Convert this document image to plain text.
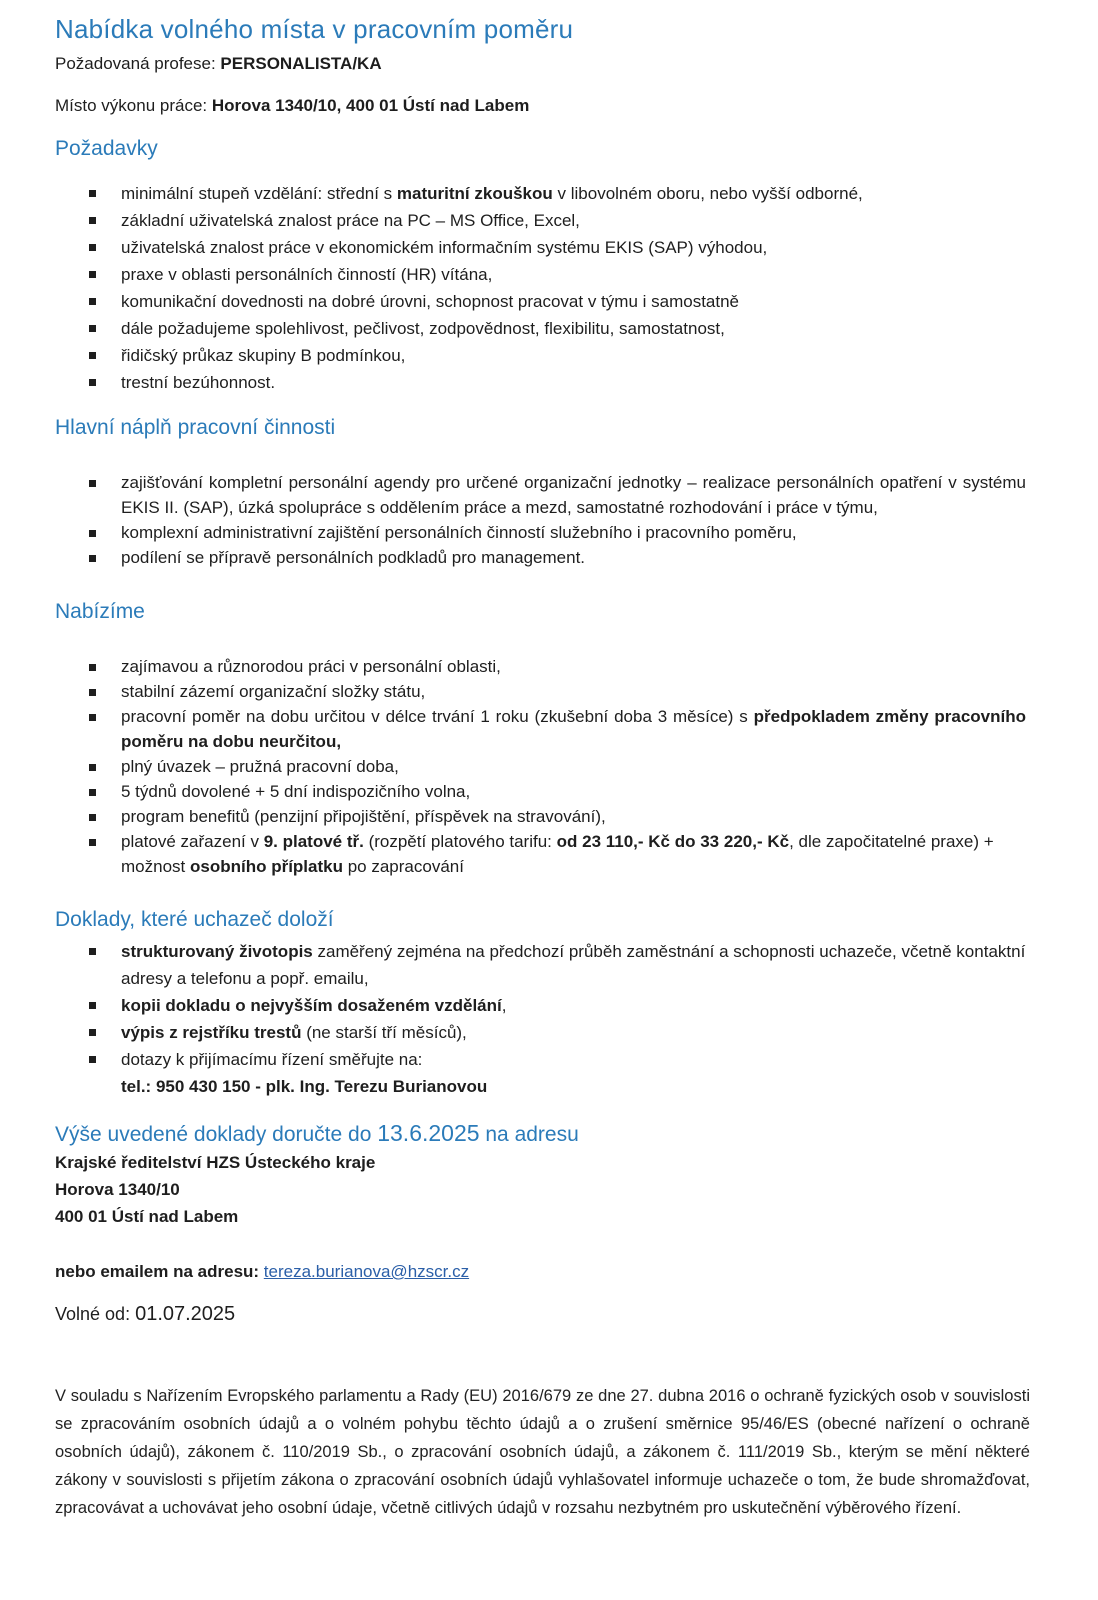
Nabídka volného místa v pracovním poměru
Požadovaná profese: PERSONALISTA/KA
Místo výkonu práce: Horova 1340/10, 400 01 Ústí nad Labem
Požadavky
minimální stupeň vzdělání: střední s maturitní zkouškou v libovolném oboru, nebo vyšší odborné,
základní uživatelská znalost práce na PC – MS Office, Excel,
uživatelská znalost práce v ekonomickém informačním systému EKIS (SAP) výhodou,
praxe v oblasti personálních činností (HR) vítána,
komunikační dovednosti na dobré úrovni, schopnost pracovat v týmu i samostatně
dále požadujeme spolehlivost, pečlivost, zodpovědnost, flexibilitu, samostatnost,
řidičský průkaz skupiny B podmínkou,
trestní bezúhonnost.
Hlavní náplň pracovní činnosti
zajišťování kompletní personální agendy pro určené organizační jednotky – realizace personálních opatření v systému EKIS II. (SAP), úzká spolupráce s oddělením práce a mezd, samostatné rozhodování i práce v týmu,
komplexní administrativní zajištění personálních činností služebního i pracovního poměru,
podílení se přípravě personálních podkladů pro management.
Nabízíme
zajímavou a různorodou práci v personální oblasti,
stabilní zázemí organizační složky státu,
pracovní poměr na dobu určitou v délce trvání 1 roku (zkušební doba 3 měsíce) s předpokladem změny pracovního poměru na dobu neurčitou,
plný úvazek – pružná pracovní doba,
5 týdnů dovolené + 5 dní indispozičního volna,
program benefitů (penzijní připojištění, příspěvek na stravování),
platové zařazení v 9. platové tř. (rozpětí platového tarifu: od 23 110,- Kč do 33 220,- Kč, dle započitatelné praxe) + možnost osobního příplatku po zapracování
Doklady, které uchazeč doloží
strukturovaný životopis zaměřený zejména na předchozí průběh zaměstnání a schopnosti uchazeče, včetně kontaktní adresy a telefonu a popř. emailu,
kopii dokladu o nejvyšším dosaženém vzdělání,
výpis z rejstříku trestů (ne starší tří měsíců),
dotazy k přijímacímu řízení směřujte na:
tel.: 950 430 150 - plk. Ing. Terezu Burianovou
Výše uvedené doklady doručte do 13.6.2025 na adresu
Krajské ředitelství HZS Ústeckého kraje
Horova 1340/10
400 01 Ústí nad Labem
nebo emailem na adresu: tereza.burianova@hzscr.cz
Volné od: 01.07.2025
V souladu s Nařízením Evropského parlamentu a Rady (EU) 2016/679 ze dne 27. dubna 2016 o ochraně fyzických osob v souvislosti se zpracováním osobních údajů a o volném pohybu těchto údajů a o zrušení směrnice 95/46/ES (obecné nařízení o ochraně osobních údajů), zákonem č. 110/2019 Sb., o zpracování osobních údajů, a zákonem č. 111/2019 Sb., kterým se mění některé zákony v souvislosti s přijetím zákona o zpracování osobních údajů vyhlašovatel informuje uchazeče o tom, že bude shromažďovat, zpracovávat a uchovávat jeho osobní údaje, včetně citlivých údajů v rozsahu nezbytném pro uskutečnění výběrového řízení.
